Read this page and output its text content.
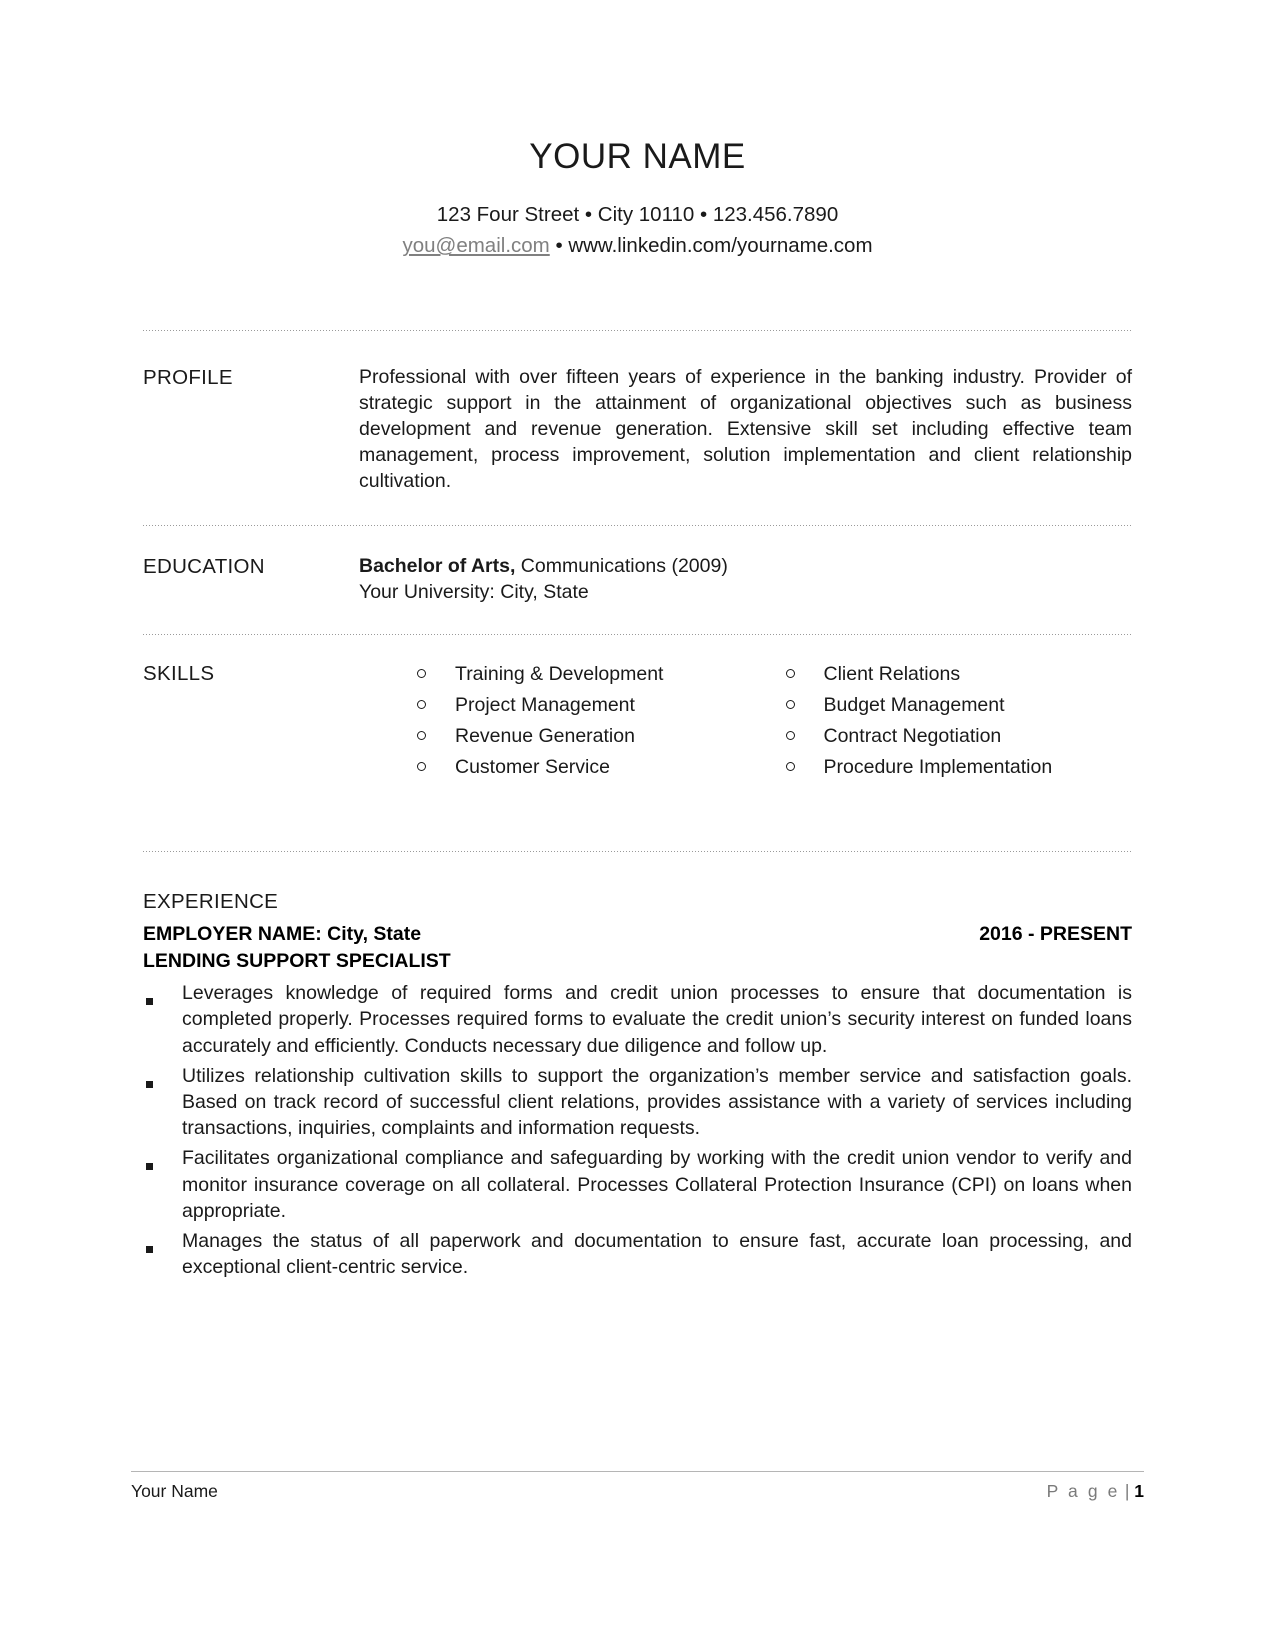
YOUR NAME
123 Four Street • City 10110 • 123.456.7890
you@email.com • www.linkedin.com/yourname.com
PROFILE	Professional with over fifteen years of experience in the banking industry. Provider of strategic support in the attainment of organizational objectives such as business development and revenue generation. Extensive skill set including effective team management, process improvement, solution implementation and client relationship cultivation.
EDUCATION	Bachelor of Arts, Communications (2009)
Your University: City, State
SKILLS	Training & Development
Project Management
Revenue Generation
Customer Service
Client Relations
Budget Management
Contract Negotiation
Procedure Implementation
EXPERIENCE
EMPLOYER NAME: City, State	2016 - PRESENT
LENDING SUPPORT SPECIALIST
Leverages knowledge of required forms and credit union processes to ensure that documentation is completed properly. Processes required forms to evaluate the credit union’s security interest on funded loans accurately and efficiently. Conducts necessary due diligence and follow up.
Utilizes relationship cultivation skills to support the organization’s member service and satisfaction goals. Based on track record of successful client relations, provides assistance with a variety of services including transactions, inquiries, complaints and information requests.
Facilitates organizational compliance and safeguarding by working with the credit union vendor to verify and monitor insurance coverage on all collateral. Processes Collateral Protection Insurance (CPI) on loans when appropriate.
Manages the status of all paperwork and documentation to ensure fast, accurate loan processing, and exceptional client-centric service.
Your Name	P a g e | 1
